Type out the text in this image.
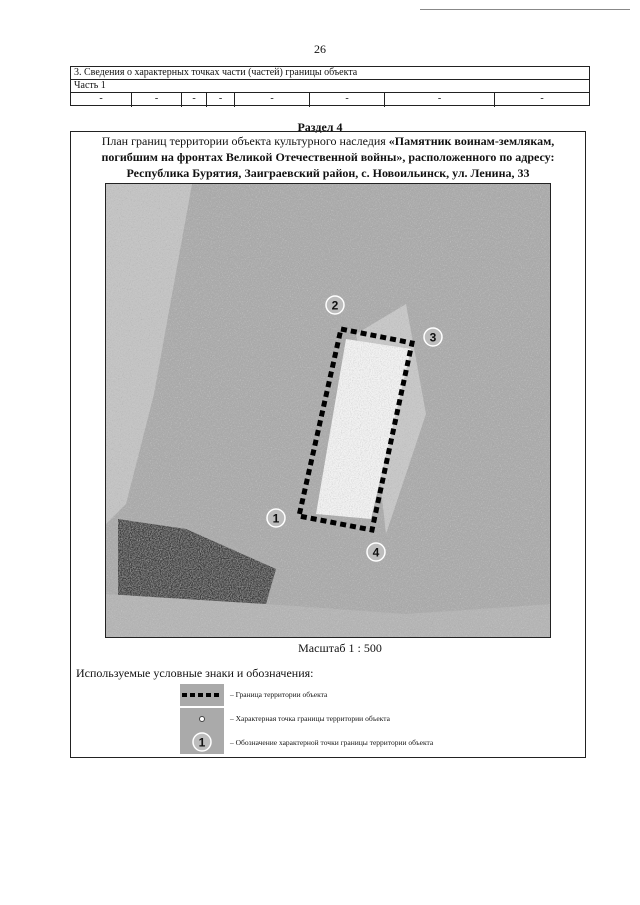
26
3. Сведения о характерных точках части (частей) границы объекта
Часть 1
-	-	-	-	-	-	-	-
Раздел 4
План границ территории объекта культурного наследия «Памятник воинам-землякам, погибшим на фронтах Великой Отечественной войны», расположенного по адресу: Республика Бурятия, Заиграевский район, с. Новоильинск, ул. Ленина, 33
1
2
3
4
Масштаб 1 : 500
Используемые условные знаки и обозначения:
– Граница территории объекта
– Характерная точка границы территории объекта
1	– Обозначение характерной точки границы территории объекта
